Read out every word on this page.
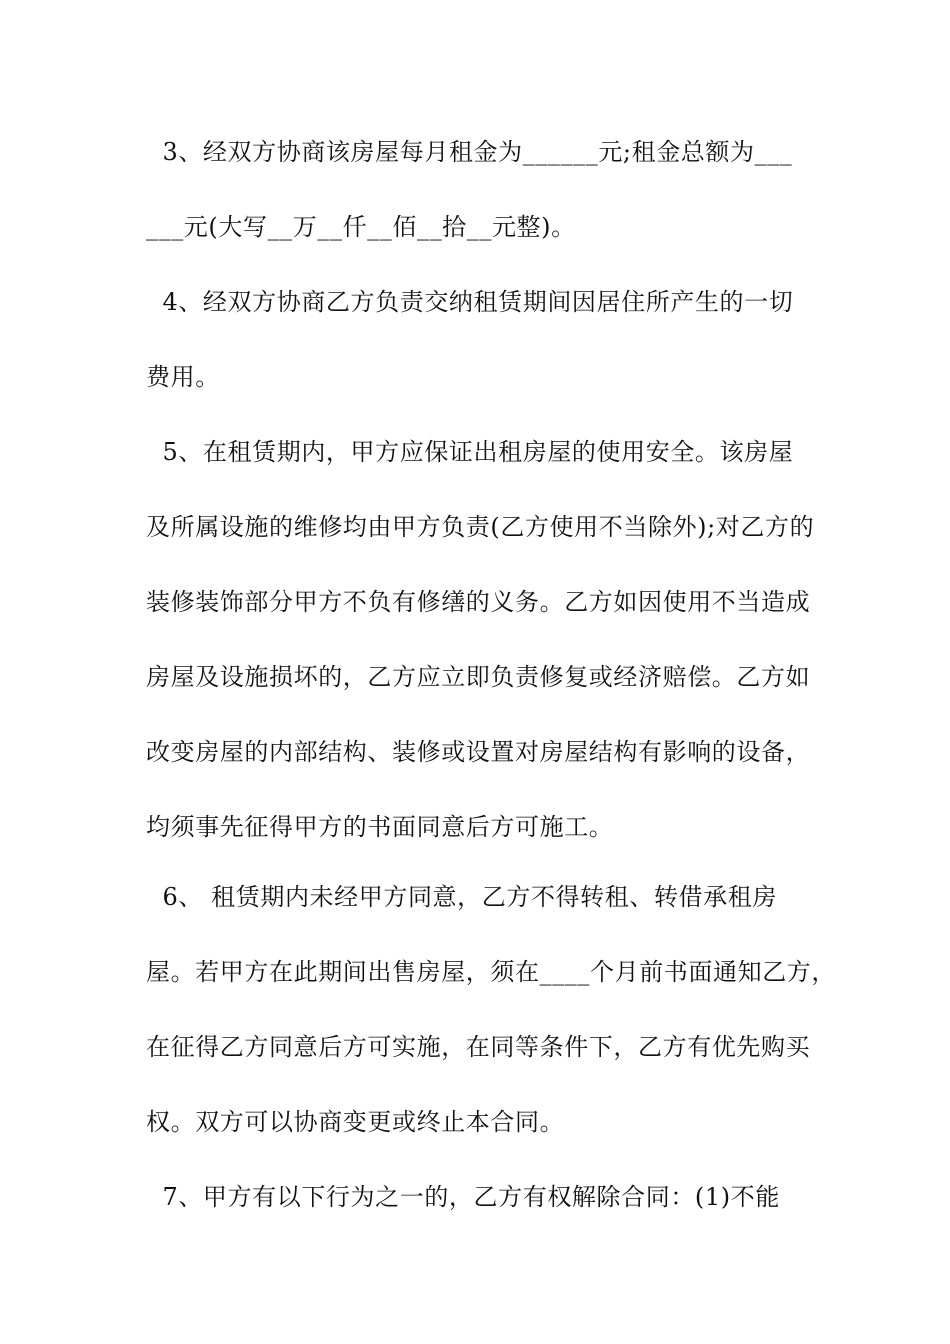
3、经双方协商该房屋每月租金为______元;租金总额为___
___元(大写__万__仟__佰__拾__元整)。
4、经双方协商乙方负责交纳租赁期间因居住所产生的一切
费用。
5、在租赁期内，甲方应保证出租房屋的使用安全。该房屋
及所属设施的维修均由甲方负责(乙方使用不当除外);对乙方的
装修装饰部分甲方不负有修缮的义务。乙方如因使用不当造成
房屋及设施损坏的，乙方应立即负责修复或经济赔偿。乙方如
改变房屋的内部结构、装修或设置对房屋结构有影响的设备，
均须事先征得甲方的书面同意后方可施工。
6、 租赁期内未经甲方同意，乙方不得转租、转借承租房
屋。若甲方在此期间出售房屋，须在____个月前书面通知乙方，
在征得乙方同意后方可实施，在同等条件下，乙方有优先购买
权。双方可以协商变更或终止本合同。
7、甲方有以下行为之一的，乙方有权解除合同：(1)不能
